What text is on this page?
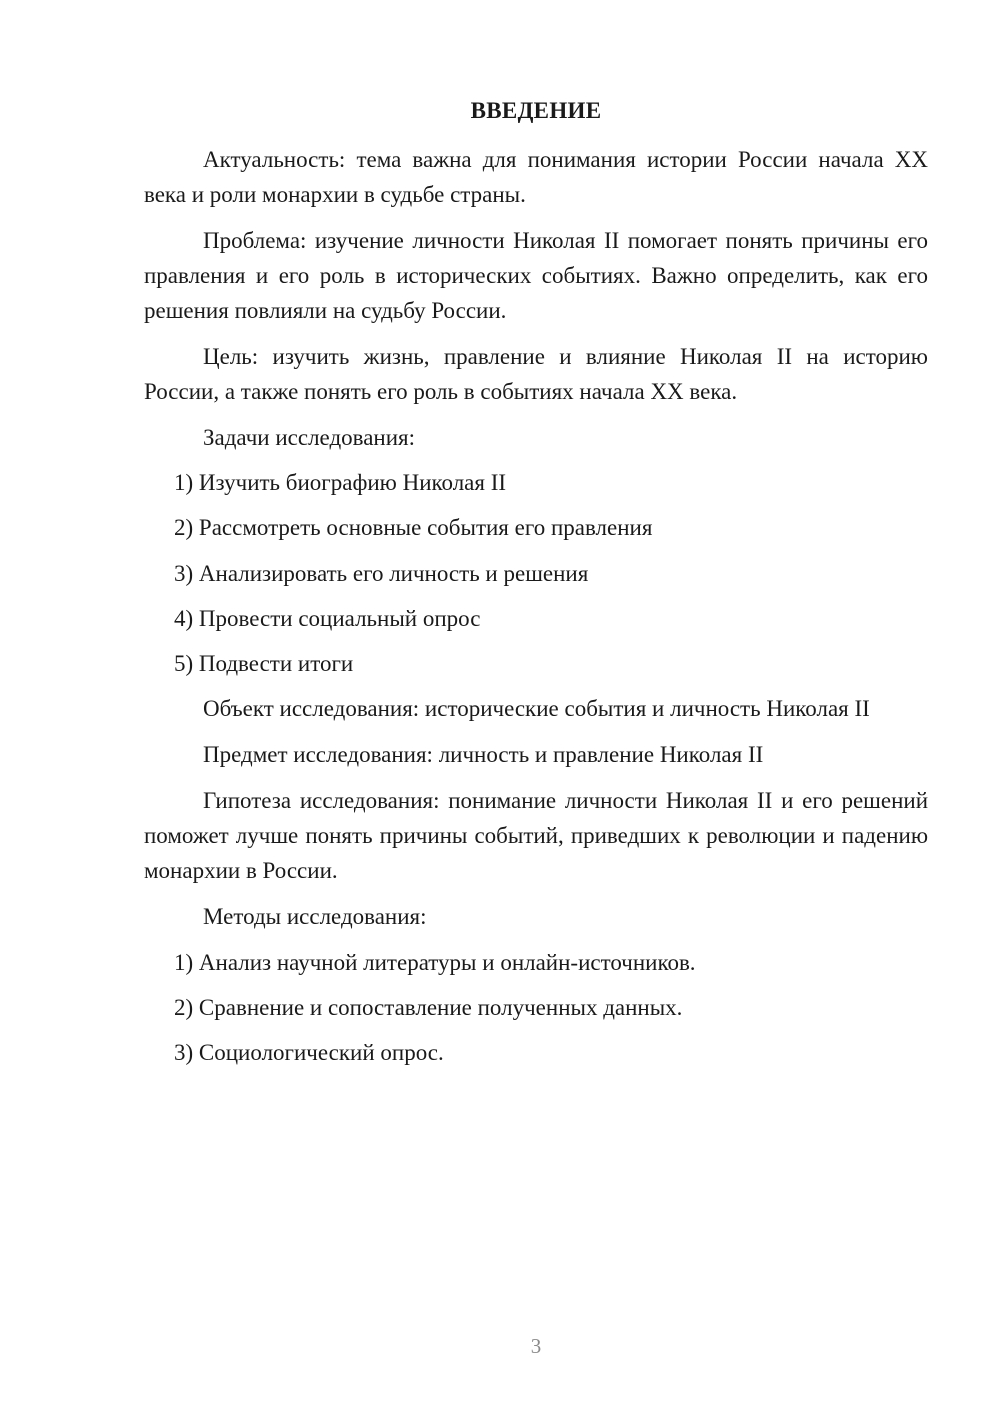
ВВЕДЕНИЕ

Актуальность: тема важна для понимания истории России начала XX века и роли монархии в судьбе страны.

Проблема: изучение личности Николая II помогает понять причины его правления и его роль в исторических событиях. Важно определить, как его решения повлияли на судьбу России.

Цель: изучить жизнь, правление и влияние Николая II на историю России, а также понять его роль в событиях начала XX века.

Задачи исследования:

1) Изучить биографию Николая II

2) Рассмотреть основные события его правления

3) Анализировать его личность и решения

4) Провести социальный опрос

5) Подвести итоги

Объект исследования: исторические события и личность Николая II

Предмет исследования: личность и правление Николая II

Гипотеза исследования: понимание личности Николая II и его решений поможет лучше понять причины событий, приведших к революции и падению монархии в России.

Методы исследования:

1) Анализ научной литературы и онлайн-источников.

2) Сравнение и сопоставление полученных данных.

3) Социологический опрос.

3
